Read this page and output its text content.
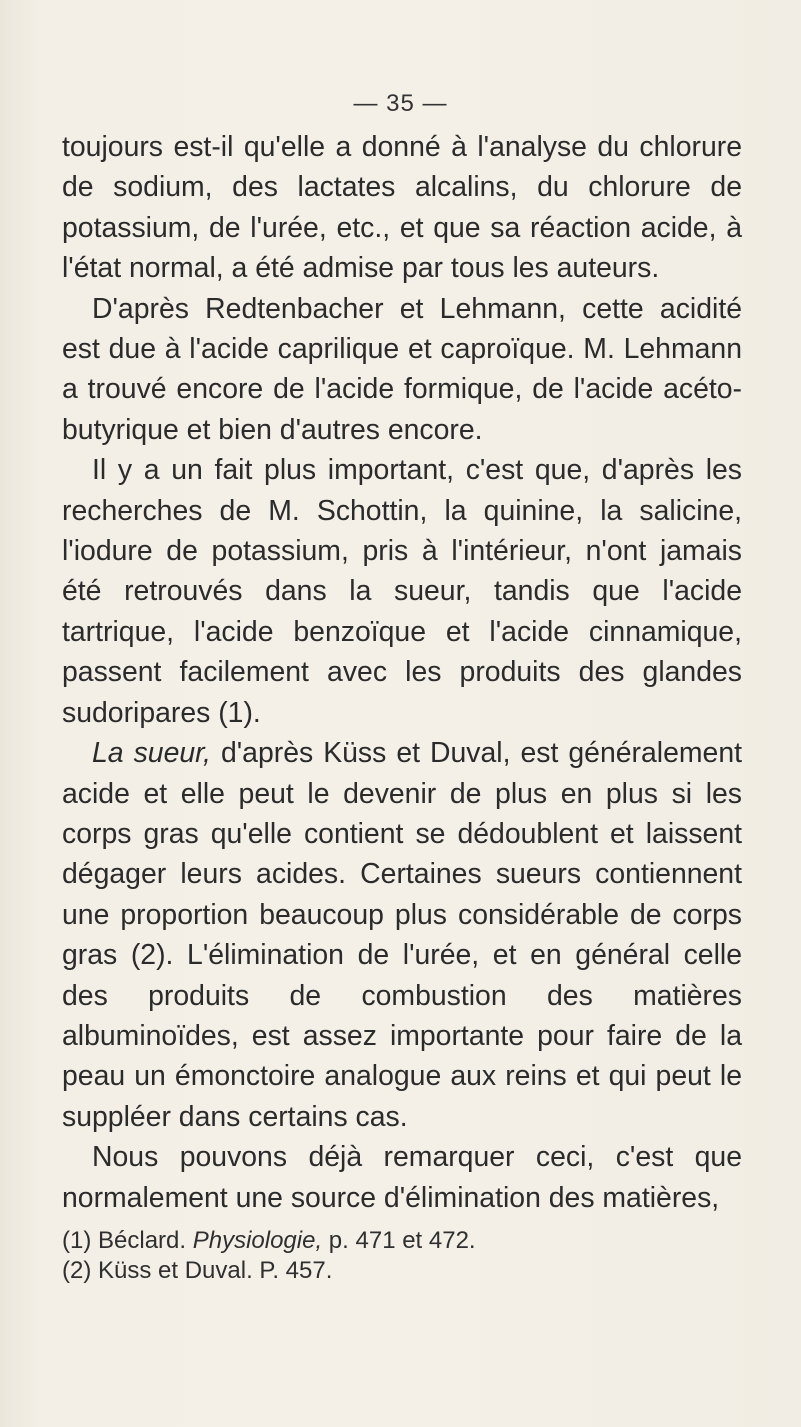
— 35 —

toujours est-il qu'elle a donné à l'analyse du chlorure de sodium, des lactates alcalins, du chlorure de potassium, de l'urée, etc., et que sa réaction acide, à l'état normal, a été admise par tous les auteurs.

D'après Redtenbacher et Lehmann, cette acidité est due à l'acide caprilique et caproïque. M. Lehmann a trouvé encore de l'acide formique, de l'acide acéto-butyrique et bien d'autres encore.

Il y a un fait plus important, c'est que, d'après les recherches de M. Schottin, la quinine, la salicine, l'iodure de potassium, pris à l'intérieur, n'ont jamais été retrouvés dans la sueur, tandis que l'acide tartrique, l'acide benzoïque et l'acide cinnamique, passent facilement avec les produits des glandes sudoripares (1).

La sueur, d'après Küss et Duval, est généralement acide et elle peut le devenir de plus en plus si les corps gras qu'elle contient se dédoublent et laissent dégager leurs acides. Certaines sueurs contiennent une proportion beaucoup plus considérable de corps gras (2). L'élimination de l'urée, et en général celle des produits de combustion des matières albuminoïdes, est assez importante pour faire de la peau un émonctoire analogue aux reins et qui peut le suppléer dans certains cas.

Nous pouvons déjà remarquer ceci, c'est que normalement une source d'élimination des matières,

(1) Béclard. Physiologie, p. 471 et 472.

(2) Küss et Duval. P. 457.
